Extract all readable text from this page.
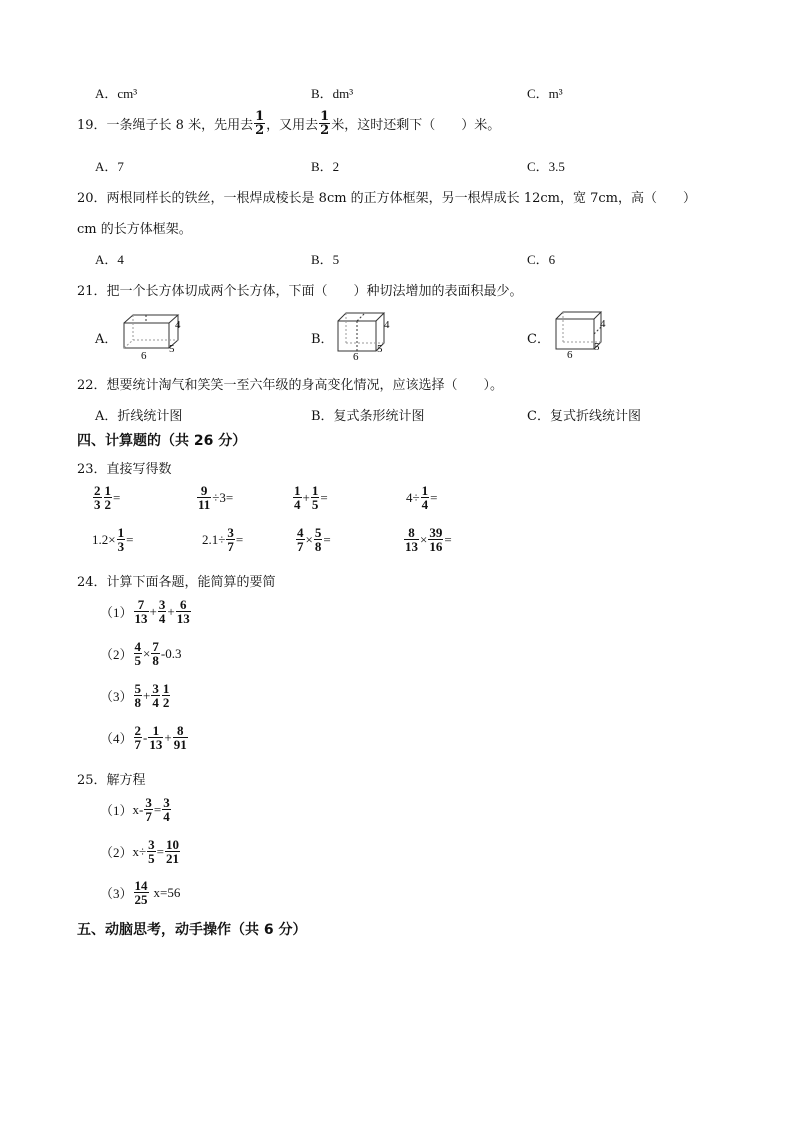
A．cm³	B．dm³	C．m³
19． 一条绳子长 8 米，先用去 $\frac{1}{2}$ ，又用去 $\frac{1}{2}$ 米，这时还剩下（　　）米。
A．7	B．2	C．3.5
20．两根同样长的铁丝，一根焊成棱长是 8cm 的正方体框架，另一根焊成长 12cm，宽 7cm，高（　　）
cm 的长方体框架。
A．4	B．5	C．6
21．把一个长方体切成两个长方体，下面（　　）种切法增加的表面积最少。
A．
4
5
6
B．
4
5
6
C．
4
5
6
22．想要统计淘气和笑笑一至六年级的身高变化情况，应该选择（　　）。
A．折线统计图	B．复式条形统计图	C．复式折线统计图
四、计算题的（共 26 分）
23．直接写得数
$\frac{2}{3} \frac{1}{2}$ =	$\frac{9}{11} \div 3=$	$\frac{1}{4} + \frac{1}{5}$ =	$4\div \frac{1}{4}$ =
$1.2\times \frac{1}{3}$ =	$2.1\div \frac{3}{7}$ =	$\frac{4}{7} \times \frac{5}{8}$ =	$\frac{8}{13} \times \frac{39}{16}$ =
24．计算下面各题，能简算的要简
$(1) \frac{7}{13} + \frac{3}{4} + \frac{6}{13}$
$(2) \frac{4}{5} \times \frac{7}{8} -0.3$
$(3) \frac{5}{8} + \frac{3}{4} \frac{1}{2}$
$(4) \frac{2}{7} - \frac{1}{13} + \frac{8}{91}$
25．解方程
（1） $x- \frac{3}{7} = \frac{3}{4}$
（2） $x\div \frac{3}{5} = \frac{10}{21}$
$(3) \frac{14}{25} x=56$
五、动脑思考，动手操作（共 6 分）
